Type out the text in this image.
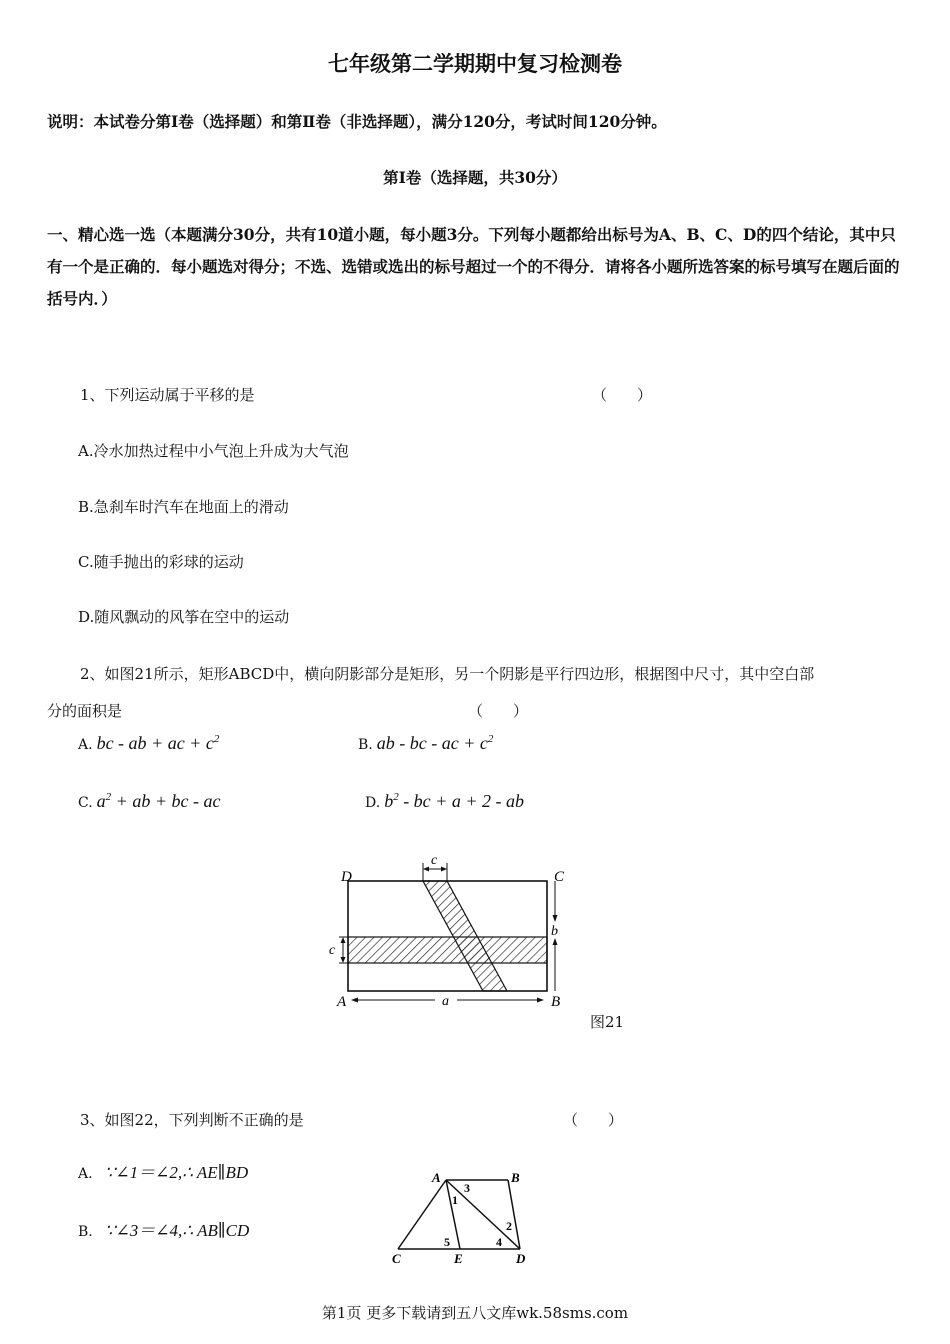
七年级第二学期期中复习检测卷
说明：本试卷分第Ⅰ卷（选择题）和第Ⅱ卷（非选择题），满分120分，考试时间120分钟。
第Ⅰ卷（选择题，共30分）
一、精心选一选（本题满分30分，共有10道小题，每小题3分。下列每小题都给出标号为A、B、C、D的四个结论，其中只有一个是正确的．每小题选对得分；不选、选错或选出的标号超过一个的不得分．请将各小题所选答案的标号填写在题后面的括号内．）
1、下列运动属于平移的是	（　　）
A.冷水加热过程中小气泡上升成为大气泡
B.急刹车时汽车在地面上的滑动
C.随手抛出的彩球的运动
D.随风飘动的风筝在空中的运动
2、如图21所示，矩形ABCD中，横向阴影部分是矩形，另一个阴影是平行四边形，根据图中尺寸，其中空白部
分的面积是	（　　）
A. bc - ab + ac + $c^2$	B. ab - bc - ac + $c^2$
C. $a^2$ + ab + bc - ac	D. $b^2$ - bc + a + 2 - ab
D	C
A	B
c
c
b
a
图21
3、如图22，下列判断不正确的是	（　　）
A. ∵∠1＝∠2,∴ AE∥BD
B. ∵∠3＝∠4,∴ AB∥CD
A	B
C	D
E
1
2
3
4
5
第1页 更多下载请到五八文库wk.58sms.com
